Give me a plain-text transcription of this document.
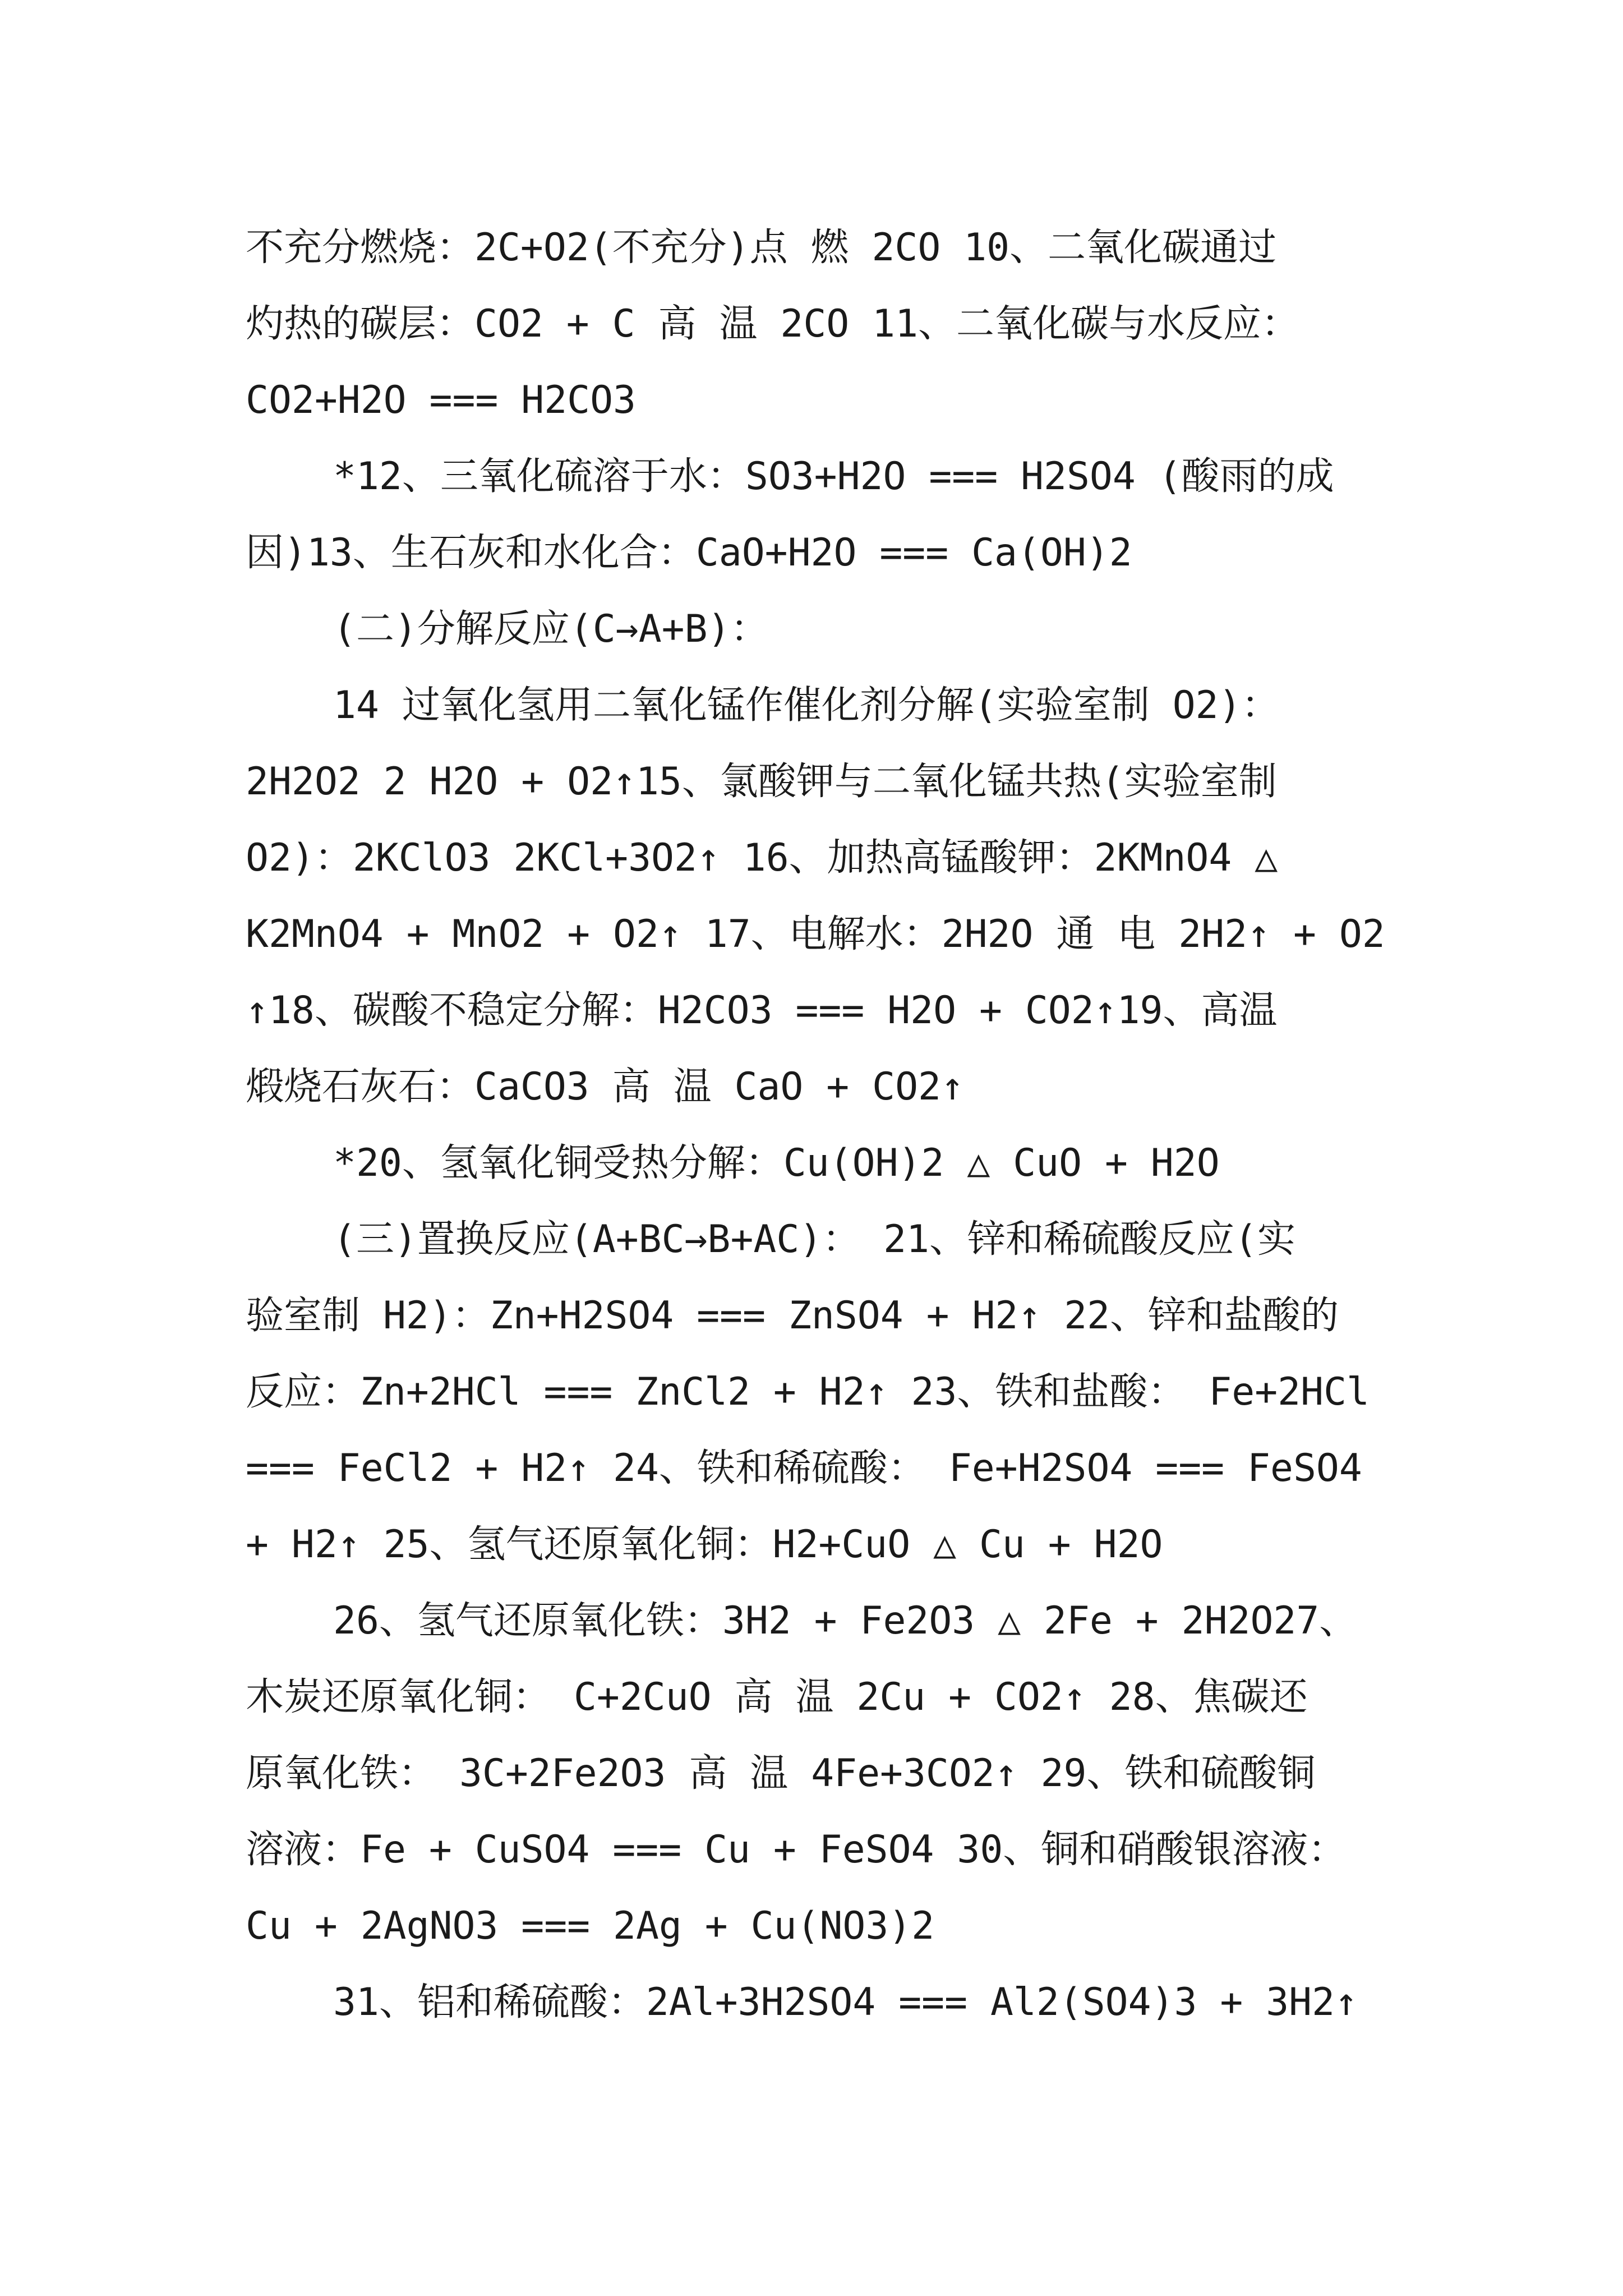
不充分燃烧：2C+O2(不充分)点 燃 2CO 10、二氧化碳通过
灼热的碳层：CO2 + C 高 温 2CO 11、二氧化碳与水反应：
CO2+H2O === H2CO3
*12、三氧化硫溶于水：SO3+H2O === H2SO4 (酸雨的成
因)13、生石灰和水化合：CaO+H2O === Ca(OH)2
(二)分解反应(C→A+B)：
14 过氧化氢用二氧化锰作催化剂分解(实验室制 O2)：
2H2O2 2 H2O + O2↑15、氯酸钾与二氧化锰共热(实验室制
O2)：2KClO3 2KCl+3O2↑ 16、加热高锰酸钾：2KMnO4 △
K2MnO4 + MnO2 + O2↑ 17、电解水：2H2O 通 电 2H2↑ + O2
↑18、碳酸不稳定分解：H2CO3 === H2O + CO2↑19、高温
煅烧石灰石：CaCO3 高 温 CaO + CO2↑
*20、氢氧化铜受热分解：Cu(OH)2 △ CuO + H2O
(三)置换反应(A+BC→B+AC)： 21、锌和稀硫酸反应(实
验室制 H2)：Zn+H2SO4 === ZnSO4 + H2↑ 22、锌和盐酸的
反应：Zn+2HCl === ZnCl2 + H2↑ 23、铁和盐酸： Fe+2HCl
=== FeCl2 + H2↑ 24、铁和稀硫酸： Fe+H2SO4 === FeSO4
+ H2↑ 25、氢气还原氧化铜：H2+CuO △ Cu + H2O
26、氢气还原氧化铁：3H2 + Fe2O3 △ 2Fe + 2H2O27、
木炭还原氧化铜： C+2CuO 高 温 2Cu + CO2↑ 28、焦碳还
原氧化铁： 3C+2Fe2O3 高 温 4Fe+3CO2↑ 29、铁和硫酸铜
溶液：Fe + CuSO4 === Cu + FeSO4 30、铜和硝酸银溶液：
Cu + 2AgNO3 === 2Ag + Cu(NO3)2
31、铝和稀硫酸：2Al+3H2SO4 === Al2(SO4)3 + 3H2↑
